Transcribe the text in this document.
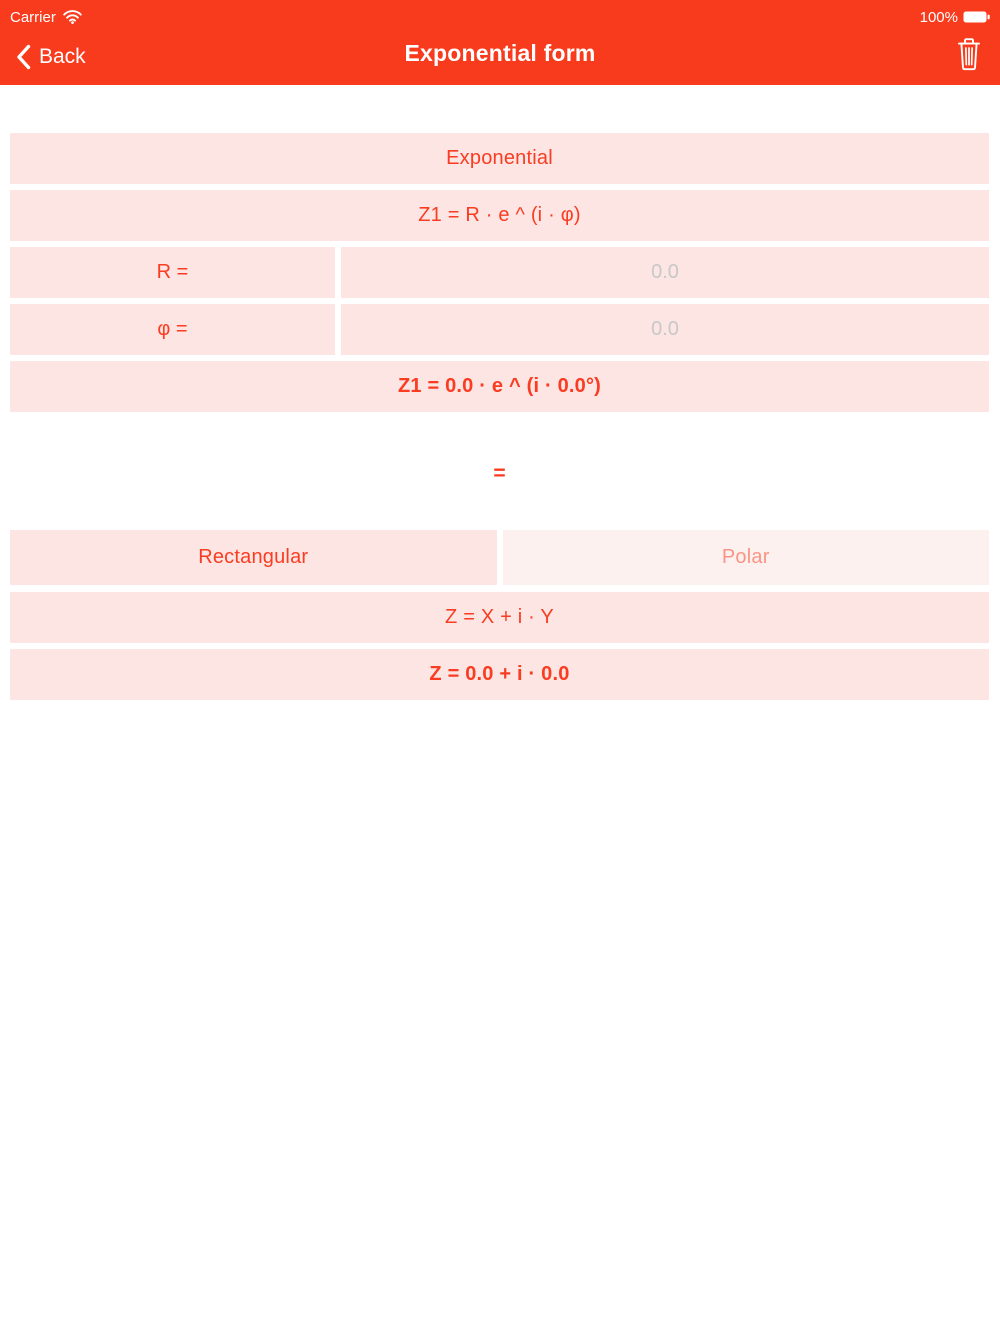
Carrier	100%
Back	Exponential form
Exponential
Z1 = R · e ^ (i · φ)
R =
0.0
φ =
0.0
Z1 = 0.0 · e ^ (i · 0.0°)
=
Rectangular	Polar
Z = X + i · Y
Z = 0.0 + i · 0.0
